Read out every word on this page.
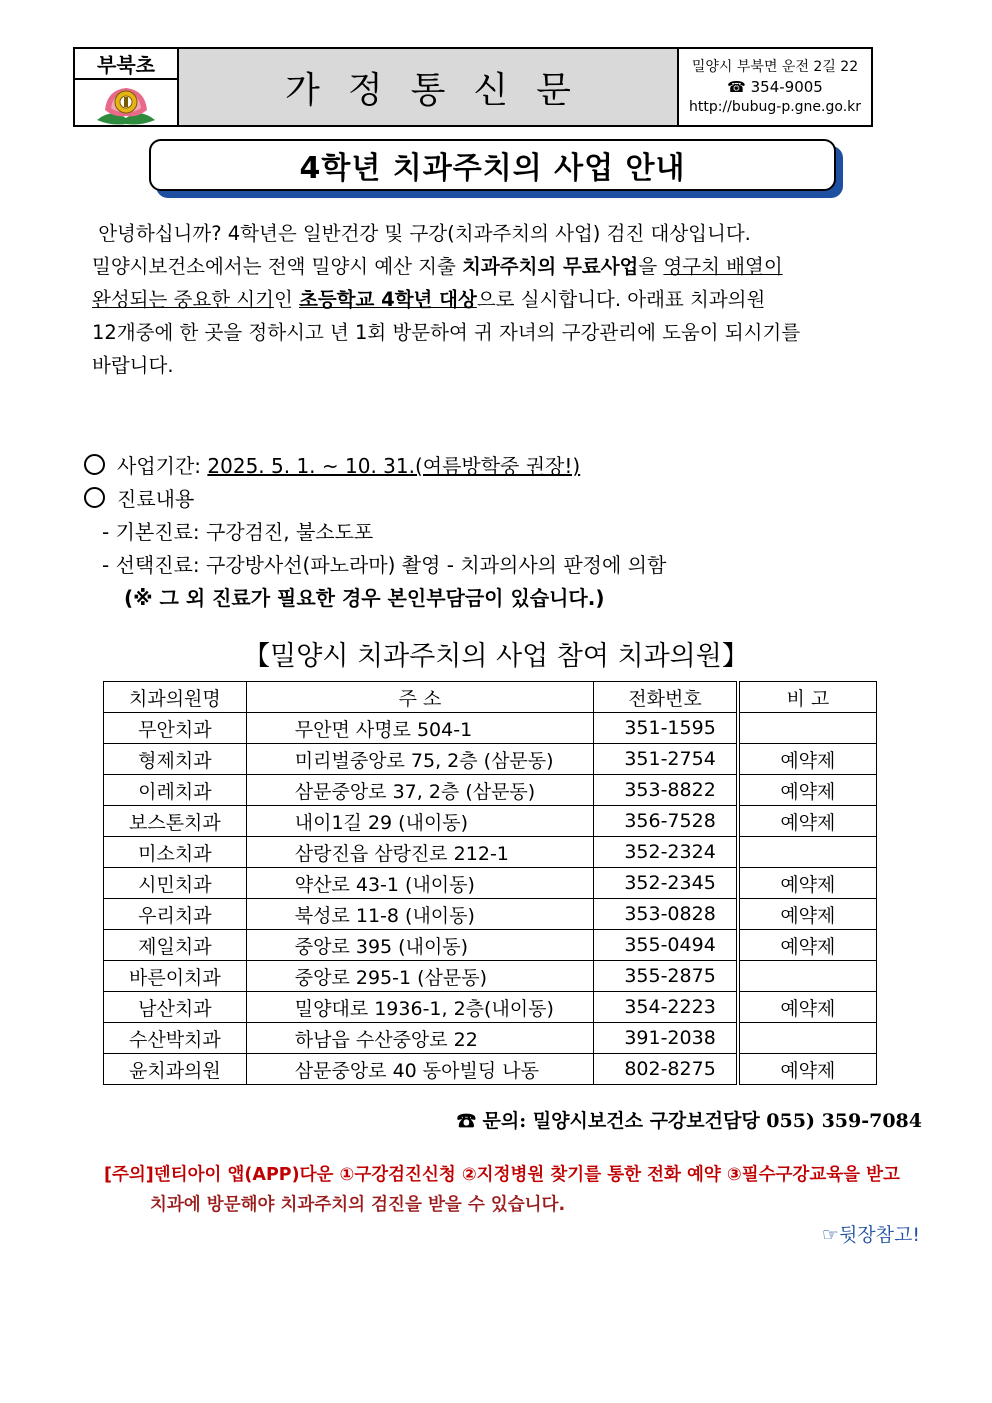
부북초
가정통신문
밀양시 부북면 운전 2길 22
☎ 354-9005
http://bubug-p.gne.go.kr
4학년 치과주치의 사업 안내

안녕하십니까? 4학년은 일반건강 및 구강(치과주치의 사업) 검진 대상입니다.

밀양시보건소에서는 전액 밀양시 예산 지출 치과주치의 무료사업을 영구치 배열이

완성되는 중요한 시기인 초등학교 4학년 대상으로 실시합니다. 아래표 치과의원

12개중에 한 곳을 정하시고 년 1회 방문하여 귀 자녀의 구강관리에 도움이 되시기를

바랍니다.

사업기간: 2025. 5. 1. ~ 10. 31.(여름방학중 권장!)

진료내용

- 기본진료: 구강검진, 불소도포

- 선택진료: 구강방사선(파노라마) 촬영 - 치과의사의 판정에 의함

(※ 그 외 진료가 필요한 경우 본인부담금이 있습니다.)

【밀양시 치과주치의 사업 참여 치과의원】
치과의원명	주 소	전화번호	비 고
무안치과	무안면 사명로 504-1	351-1595	
형제치과	미리벌중앙로 75, 2층 (삼문동)	351-2754	예약제
이레치과	삼문중앙로 37, 2층 (삼문동)	353-8822	예약제
보스톤치과	내이1길 29 (내이동)	356-7528	예약제
미소치과	삼랑진읍 삼랑진로 212-1	352-2324	
시민치과	약산로 43-1 (내이동)	352-2345	예약제
우리치과	북성로 11-8 (내이동)	353-0828	예약제
제일치과	중앙로 395 (내이동)	355-0494	예약제
바른이치과	중앙로 295-1 (삼문동)	355-2875	
남산치과	밀양대로 1936-1, 2층(내이동)	354-2223	예약제
수산박치과	하남읍 수산중앙로 22	391-2038	
윤치과의원	삼문중앙로 40 동아빌딩 나동	802-8275	예약제
☎ 문의: 밀양시보건소 구강보건담당 055) 359-7084

[주의]덴티아이 앱(APP)다운 ①구강검진신청 ②지정병원 찾기를 통한 전화 예약 ③필수구강교육을 받고

치과에 방문해야 치과주치의 검진을 받을 수 있습니다.

☞뒷장참고!
